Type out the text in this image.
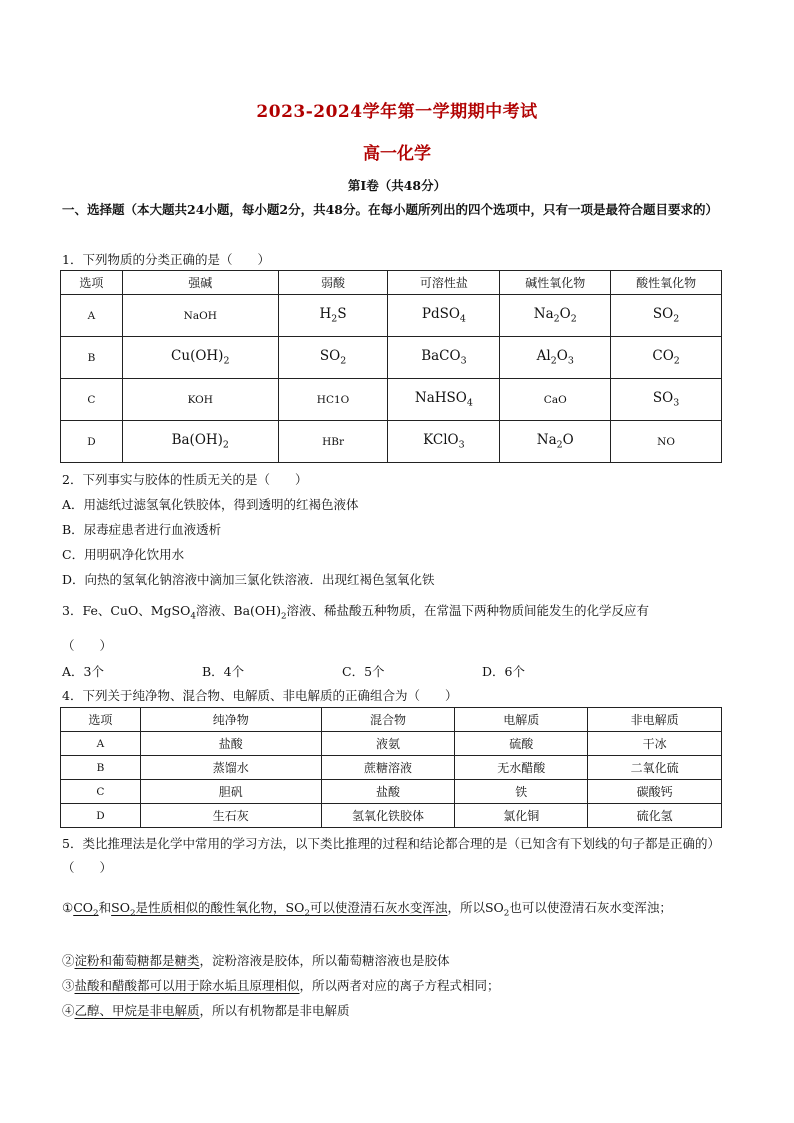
2023-2024学年第一学期期中考试
高一化学
第Ⅰ卷（共48分）
一、选择题（本大题共24小题，每小题2分，共48分。在每小题所列出的四个选项中，只有一项是最符合题目要求的）
1．下列物质的分类正确的是（　　）
选项	强碱	弱酸	可溶性盐	碱性氧化物	酸性氧化物
A	NaOH	$H_2S$	PdSO$_4$	$Na_2O_2$	$SO_2$
B	$Cu(OH)_2$	$SO_2$	BaCO$_3$	$Al_2O_3$	$CO_2$
C	KOH	HC1O	NaHSO$_4$	CaO	$SO_3$
D	$Ba(OH)_2$	HBr	KClO$_3$	$Na_2O$	NO
2．下列事实与胶体的性质无关的是（　　）
A．用滤纸过滤氢氧化铁胶体，得到透明的红褐色液体
B．尿毒症患者进行血液透析
C．用明矾净化饮用水
D．向热的氢氧化钠溶液中滴加三氯化铁溶液．出现红褐色氢氧化铁
3．Fe、CuO、MgSO$_4$溶液、$Ba(OH)_2$溶液、稀盐酸五种物质，在常温下两种物质间能发生的化学反应有
（　　）
A．3个	B．4个	C．5个	D．6个
4．下列关于纯净物、混合物、电解质、非电解质的正确组合为（　　）
选项	纯净物	混合物	电解质	非电解质
A	盐酸	液氨	硫酸	干冰
B	蒸馏水	蔗糖溶液	无水醋酸	二氧化硫
C	胆矾	盐酸	铁	碳酸钙
D	生石灰	氢氧化铁胶体	氯化铜	硫化氢
5．类比推理法是化学中常用的学习方法，以下类比推理的过程和结论都合理的是（已知含有下划线的句子都是正确的）（　　）
$①CO_2$和$SO_2$是性质相似的酸性氧化物，$SO_2$可以使澄清石灰水变浑浊，所以$SO_2$也可以使澄清石灰水变浑浊；
②淀粉和葡萄糖都是糖类，淀粉溶液是胶体，所以葡萄糖溶液也是胶体
③盐酸和醋酸都可以用于除水垢且原理相似，所以两者对应的离子方程式相同；
④乙醇、甲烷是非电解质，所以有机物都是非电解质
